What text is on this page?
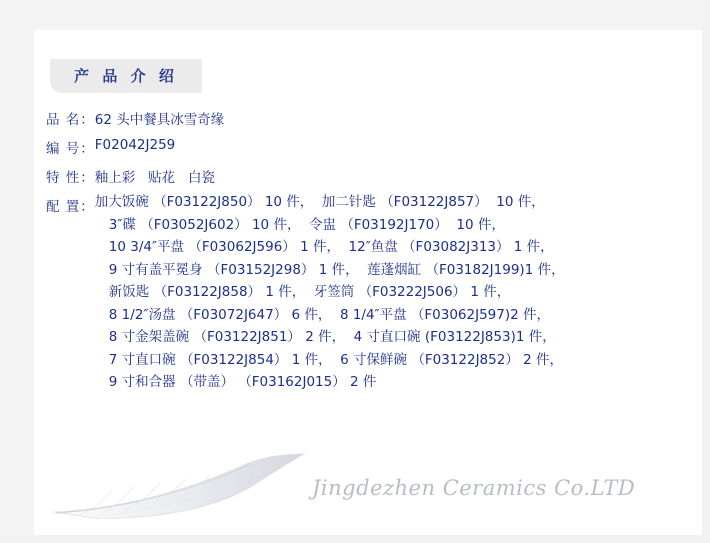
产 品 介 绍
品 名： 62 头中餐具冰雪奇缘
编 号： F02042J259
特 性： 釉上彩   贴花   白瓷
配 置： 加大饭碗 （F03122J850） 10 件，  加二针匙 （F03122J857）  10 件，
3″碟 （F03052J602） 10 件，  令盅 （F03192J170）  10 件，
10 3/4″平盘 （F03062J596） 1 件，  12″鱼盘 （F03082J313） 1 件，
9 寸有盖平冕身 （F03152J298） 1 件，  莲蓬烟缸 （F03182J199)1 件，
新饭匙 （F03122J858） 1 件，  牙签筒 （F03222J506） 1 件，
8 1/2″汤盘 （F03072J647） 6 件，  8 1/4″平盘 （F03062J597)2 件，
8 寸金架盖碗 （F03122J851） 2 件，  4 寸直口碗 (F03122J853)1 件，
7 寸直口碗 （F03122J854） 1 件，  6 寸保鲜碗 （F03122J852） 2 件，
9 寸和合器 （带盖） （F03162J015） 2 件
Jingdezhen Ceramics Co.LTD
